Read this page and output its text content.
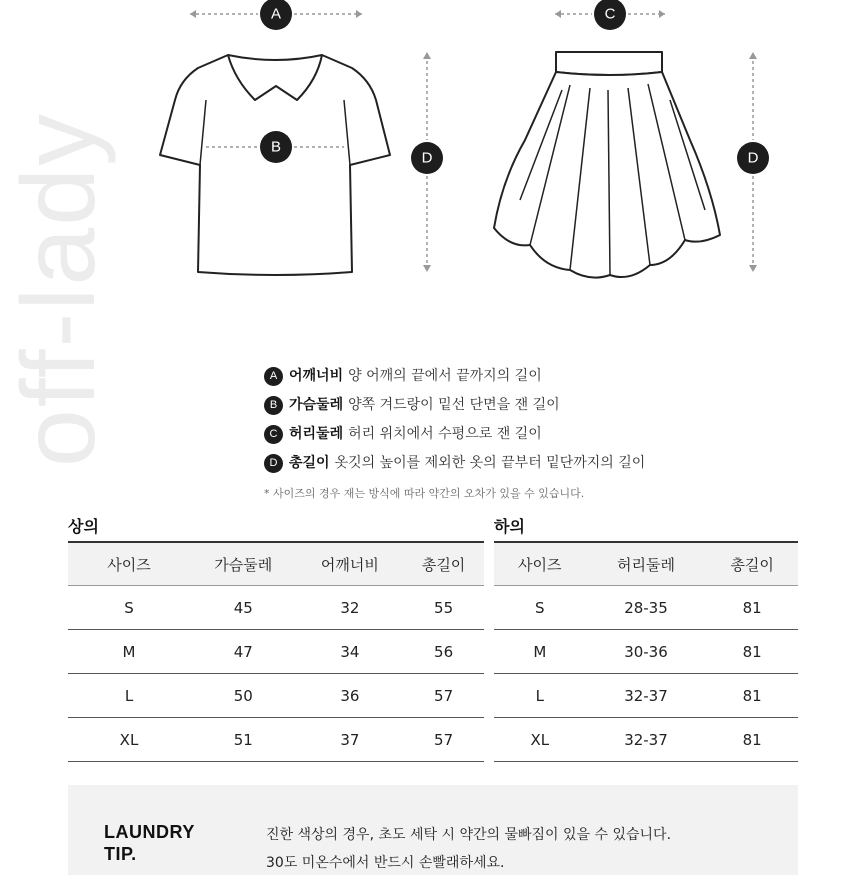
off-lady
A
B
D
C
D
A 어깨너비 양 어깨의 끝에서 끝까지의 길이
B 가슴둘레 양쪽 겨드랑이 밑선 단면을 잰 길이
C 허리둘레 허리 위치에서 수평으로 잰 길이
D 총길이 옷깃의 높이를 제외한 옷의 끝부터 밑단까지의 길이
* 사이즈의 경우 재는 방식에 따라 약간의 오차가 있을 수 있습니다.
상의
사이즈	가슴둘레	어깨너비	총길이
S	45	32	55
M	47	34	56
L	50	36	57
XL	51	37	57
하의
사이즈	허리둘레	총길이
S	28-35	81
M	30-36	81
L	32-37	81
XL	32-37	81
LAUNDRY
TIP.
진한 색상의 경우, 초도 세탁 시 약간의 물빠짐이 있을 수 있습니다.
30도 미온수에서 반드시 손빨래하세요.
